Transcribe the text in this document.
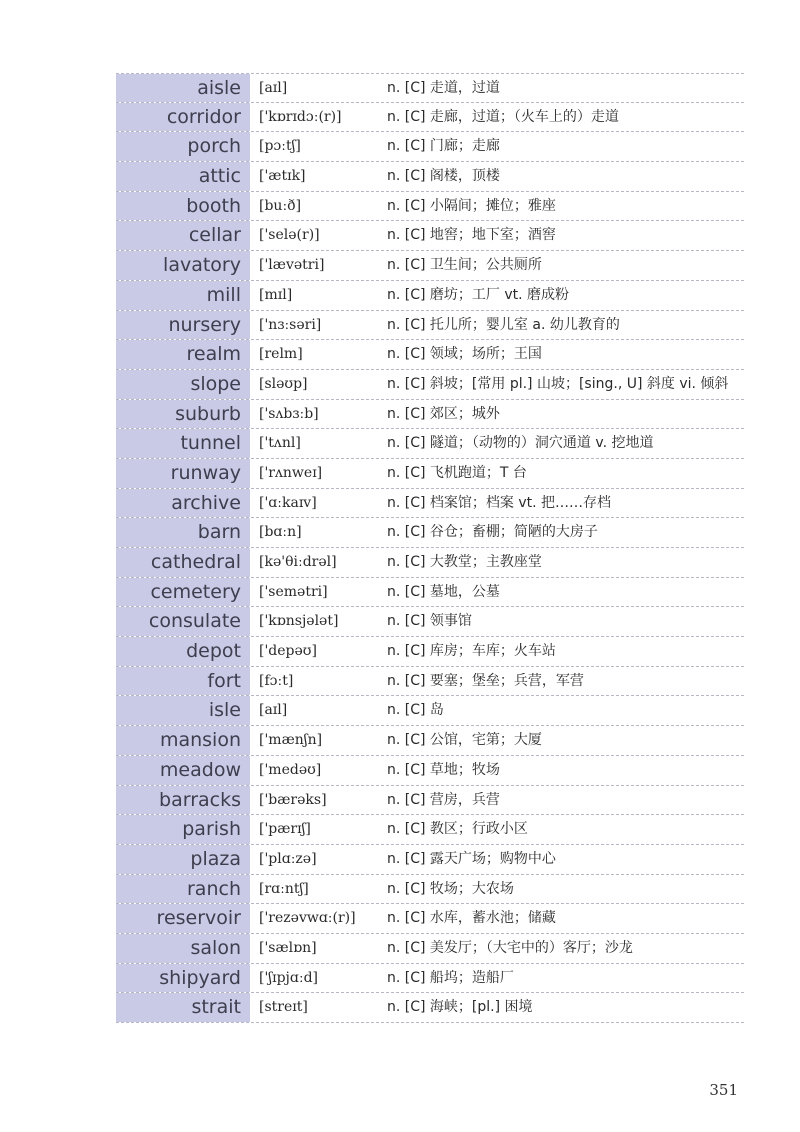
aisle	[aɪl]	n. [C] 走道，过道
corridor	['kɒrɪdɔː(r)]	n. [C] 走廊，过道；（火车上的）走道
porch	[pɔːtʃ]	n. [C] 门廊；走廊
attic	['ætɪk]	n. [C] 阁楼，顶楼
booth	[buːð]	n. [C] 小隔间；摊位；雅座
cellar	['selə(r)]	n. [C] 地窖；地下室；酒窖
lavatory	['lævətri]	n. [C] 卫生间；公共厕所
mill	[mɪl]	n. [C] 磨坊；工厂 vt. 磨成粉
nursery	['nɜːsəri]	n. [C] 托儿所；婴儿室 a. 幼儿教育的
realm	[relm]	n. [C] 领域；场所；王国
slope	[sləʊp]	n. [C] 斜坡；[常用 pl.] 山坡；[sing., U] 斜度 vi. 倾斜
suburb	['sʌbɜːb]	n. [C] 郊区；城外
tunnel	['tʌnl]	n. [C] 隧道；（动物的）洞穴通道 v. 挖地道
runway	['rʌnweɪ]	n. [C] 飞机跑道；T 台
archive	['ɑːkaɪv]	n. [C] 档案馆；档案 vt. 把……存档
barn	[bɑːn]	n. [C] 谷仓；畜棚；简陋的大房子
cathedral	[kə'θiːdrəl]	n. [C] 大教堂；主教座堂
cemetery	['semətri]	n. [C] 墓地，公墓
consulate	['kɒnsjələt]	n. [C] 领事馆
depot	['depəʊ]	n. [C] 库房；车库；火车站
fort	[fɔːt]	n. [C] 要塞；堡垒；兵营，军营
isle	[aɪl]	n. [C] 岛
mansion	['mænʃn]	n. [C] 公馆，宅第；大厦
meadow	['medəʊ]	n. [C] 草地；牧场
barracks	['bærəks]	n. [C] 营房，兵营
parish	['pærɪʃ]	n. [C] 教区；行政小区
plaza	['plɑːzə]	n. [C] 露天广场；购物中心
ranch	[rɑːntʃ]	n. [C] 牧场；大农场
reservoir	['rezəvwɑː(r)]	n. [C] 水库，蓄水池；储藏
salon	['sælɒn]	n. [C] 美发厅；（大宅中的）客厅；沙龙
shipyard	['ʃɪpjɑːd]	n. [C] 船坞；造船厂
strait	[streɪt]	n. [C] 海峡；[pl.] 困境
351
